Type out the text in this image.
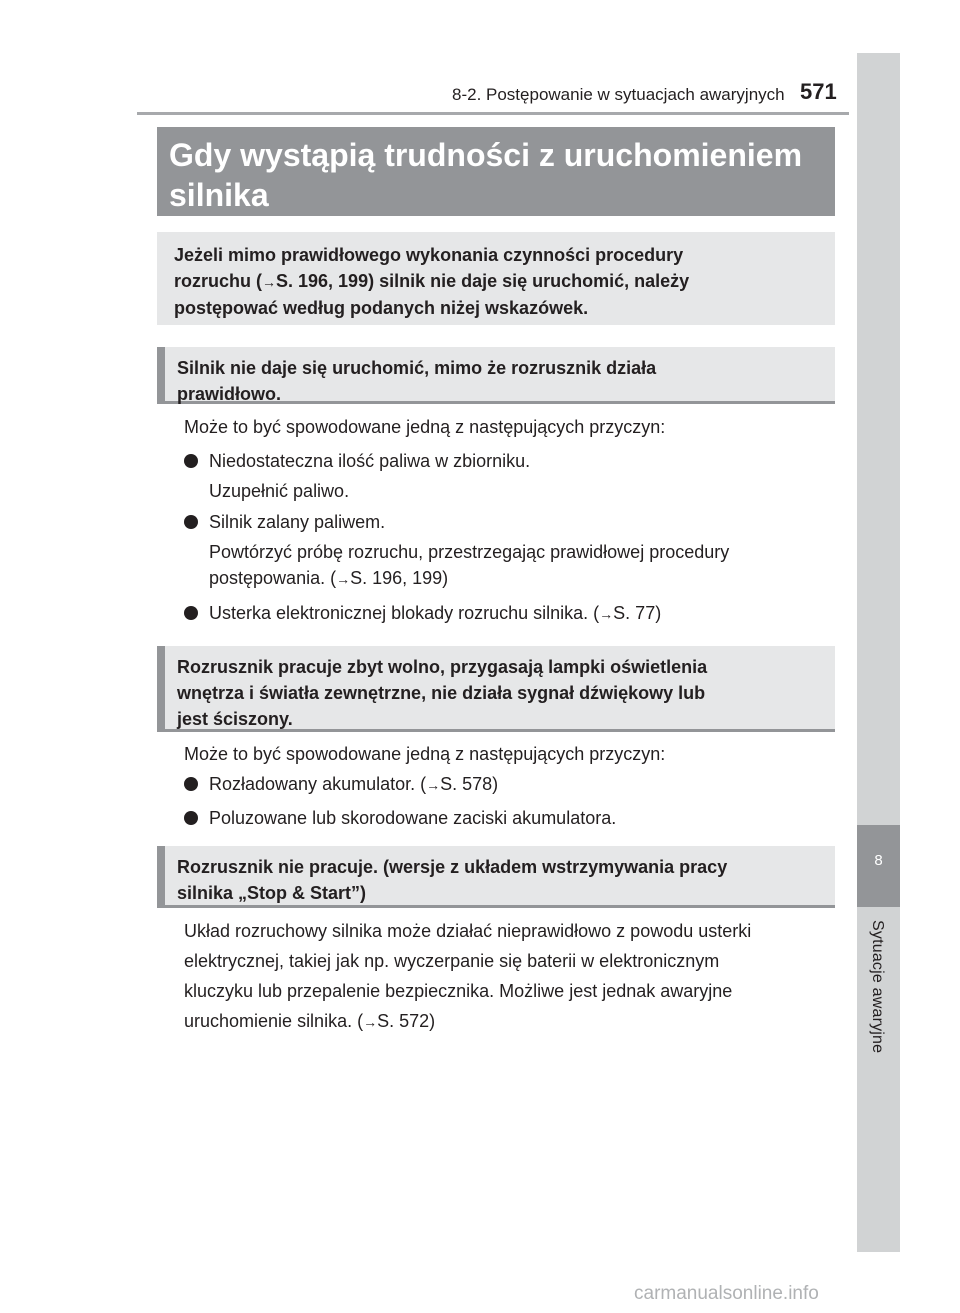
8-2. Postępowanie w sytuacjach awaryjnych 571
8
Sytuacje awaryjne

Gdy wystąpią trudności z uruchomieniem
silnika

Jeżeli mimo prawidłowego wykonania czynności procedury
rozruchu (→S. 196, 199) silnik nie daje się uruchomić, należy
postępować według podanych niżej wskazówek.

Silnik nie daje się uruchomić, mimo że rozrusznik działa
prawidłowo.

Może to być spowodowane jedną z następujących przyczyn:

Niedostateczna ilość paliwa w zbiorniku.

Uzupełnić paliwo.

Silnik zalany paliwem.

Powtórzyć próbę rozruchu, przestrzegając prawidłowej procedury
postępowania. (→S. 196, 199)

Usterka elektronicznej blokady rozruchu silnika. (→S. 77)

Rozrusznik pracuje zbyt wolno, przygasają lampki oświetlenia
wnętrza i światła zewnętrzne, nie działa sygnał dźwiękowy lub
jest ściszony.

Może to być spowodowane jedną z następujących przyczyn:

Rozładowany akumulator. (→S. 578)
Poluzowane lub skorodowane zaciski akumulatora.

Rozrusznik nie pracuje. (wersje z układem wstrzymywania pracy
silnika „Stop & Start”)

Układ rozruchowy silnika może działać nieprawidłowo z powodu usterki
elektrycznej, takiej jak np. wyczerpanie się baterii w elektronicznym
kluczyku lub przepalenie bezpiecznika. Możliwe jest jednak awaryjne
uruchomienie silnika. (→S. 572)

carmanualsonline.info
